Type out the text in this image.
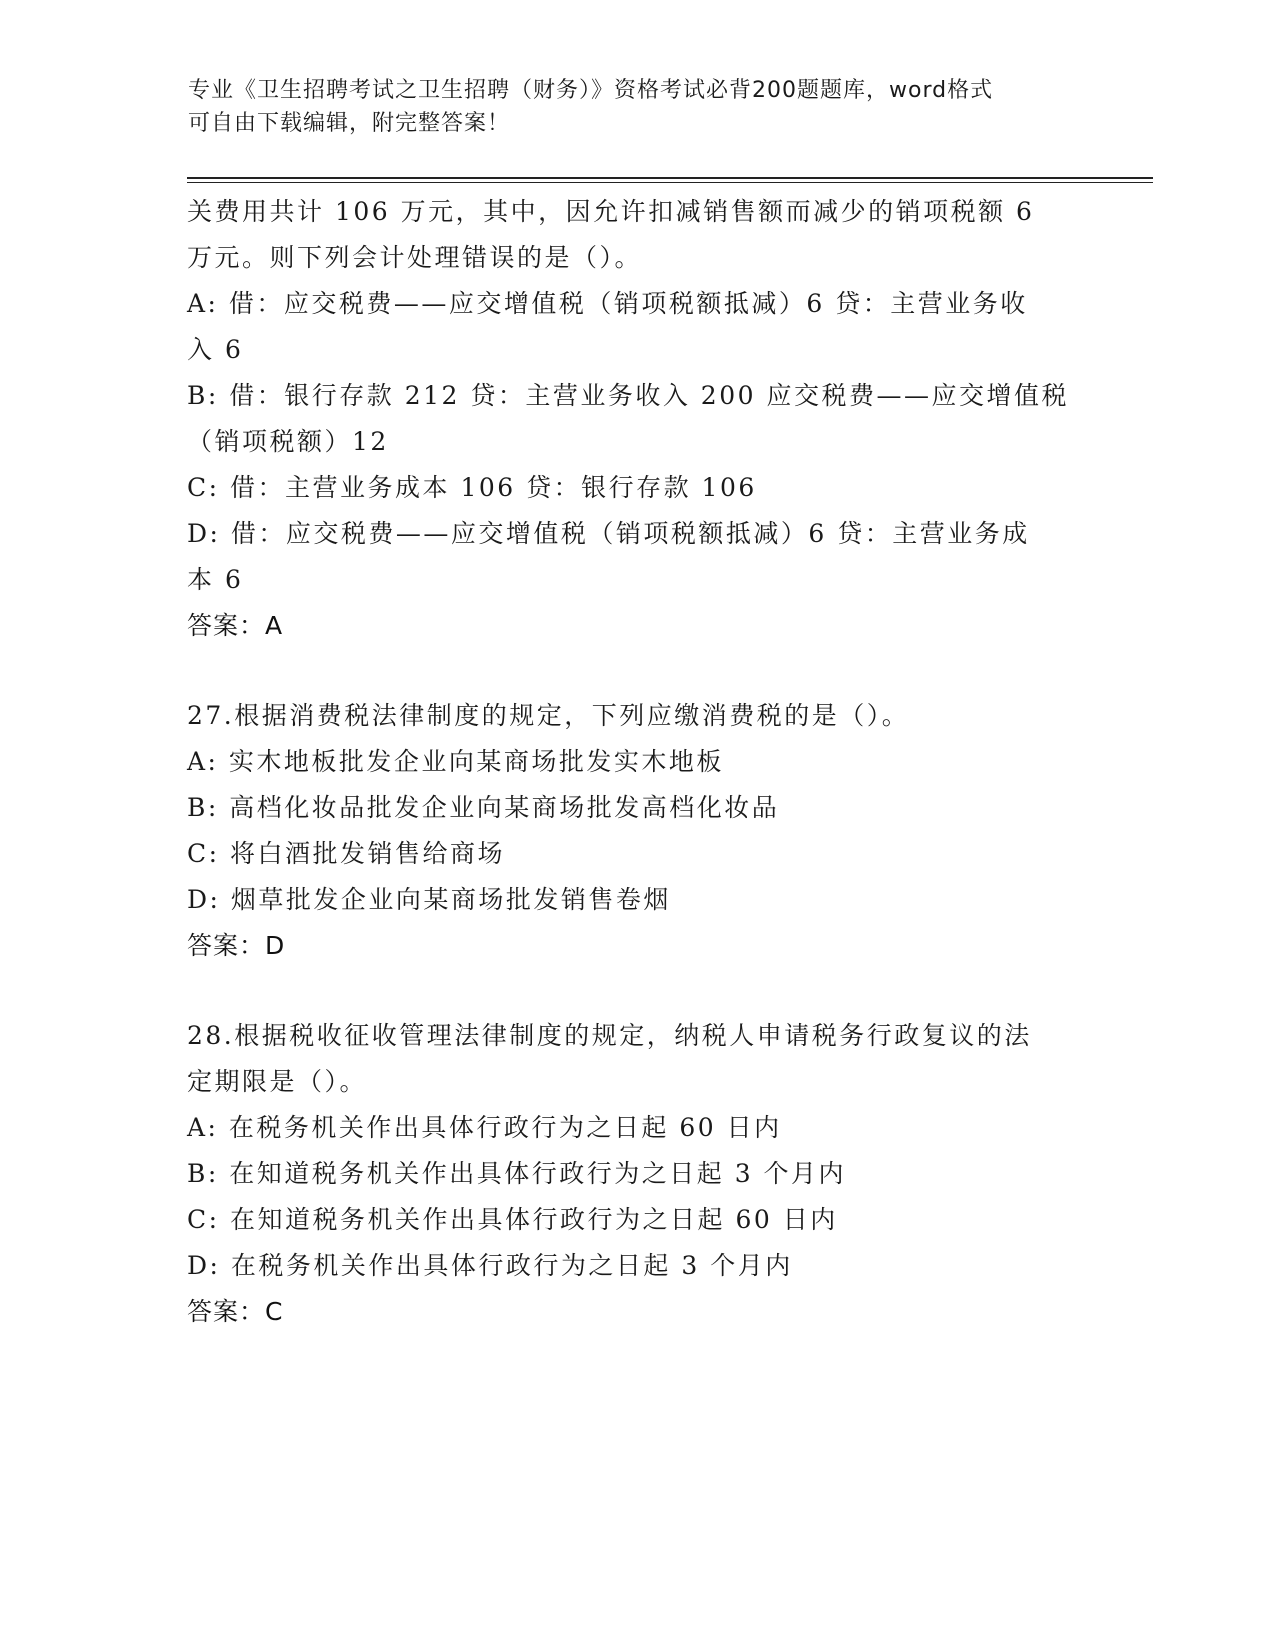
专业《卫生招聘考试之卫生招聘（财务）》资格考试必背200题题库，word格式
可自由下载编辑，附完整答案！
关费用共计 106 万元，其中，因允许扣减销售额而减少的销项税额 6
万元。则下列会计处理错误的是（）。
A: 借：应交税费——应交增值税（销项税额抵减）6 贷：主营业务收
入 6
B: 借：银行存款 212 贷：主营业务收入 200 应交税费——应交增值税
（销项税额）12
C: 借：主营业务成本 106 贷：银行存款 106
D: 借：应交税费——应交增值税（销项税额抵减）6 贷：主营业务成
本 6
答案：A
27.根据消费税法律制度的规定，下列应缴消费税的是（）。
A: 实木地板批发企业向某商场批发实木地板
B: 高档化妆品批发企业向某商场批发高档化妆品
C: 将白酒批发销售给商场
D: 烟草批发企业向某商场批发销售卷烟
答案：D
28.根据税收征收管理法律制度的规定，纳税人申请税务行政复议的法
定期限是（）。
A: 在税务机关作出具体行政行为之日起 60 日内
B: 在知道税务机关作出具体行政行为之日起 3 个月内
C: 在知道税务机关作出具体行政行为之日起 60 日内
D: 在税务机关作出具体行政行为之日起 3 个月内
答案：C
